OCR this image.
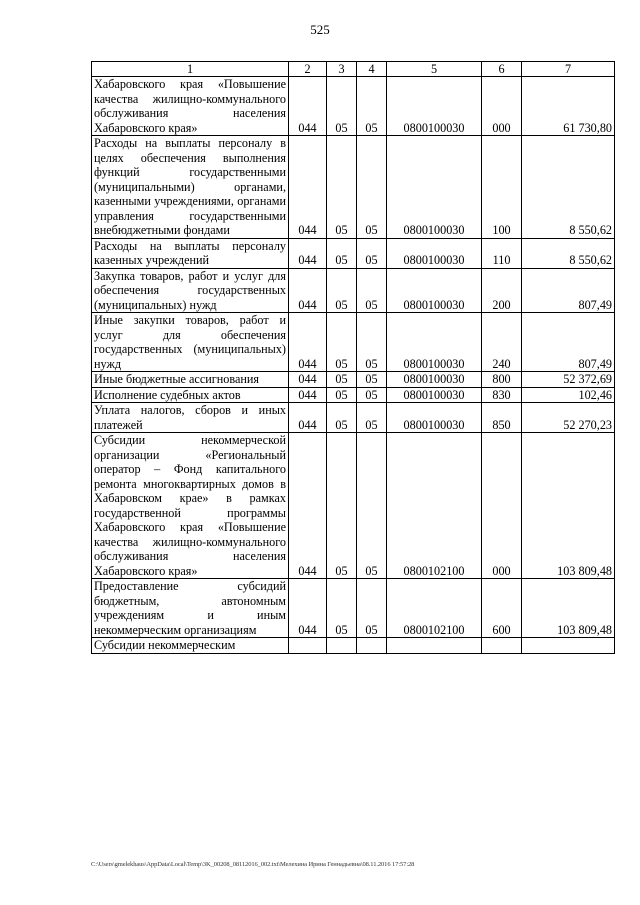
525
1	2	3	4	5	6	7
Хабаровского края «Повышение качества жилищно-коммунального обслуживания населения Хабаровского края»	044	05	05	0800100030	000	61 730,80
Расходы на выплаты персоналу в целях обеспечения выполнения функций государственными (муниципальными) органами, казенными учреждениями, органами управления государственными внебюджетными фондами	044	05	05	0800100030	100	8 550,62
Расходы на выплаты персоналу казенных учреждений	044	05	05	0800100030	110	8 550,62
Закупка товаров, работ и услуг для обеспечения государственных (муниципальных) нужд	044	05	05	0800100030	200	807,49
Иные закупки товаров, работ и услуг для обеспечения государственных (муниципальных) нужд	044	05	05	0800100030	240	807,49
Иные бюджетные ассигнования	044	05	05	0800100030	800	52 372,69
Исполнение судебных актов	044	05	05	0800100030	830	102,46
Уплата налогов, сборов и иных платежей	044	05	05	0800100030	850	52 270,23
Субсидии некоммерческой организации «Региональный оператор – Фонд капитального ремонта многоквартирных домов в Хабаровском крае» в рамках государственной программы Хабаровского края «Повышение качества жилищно-коммунального обслуживания населения Хабаровского края»	044	05	05	0800102100	000	103 809,48
Предоставление субсидий бюджетным, автономным учреждениям и иным некоммерческим организациям	044	05	05	0800102100	600	103 809,48
Субсидии некоммерческим						
C:\Users\gmelekhaus\AppData\Local\Temp\3K_00208_08112016_002.txt\Мелехина Ирина Геннадьевна\08.11.2016 17:57:28
